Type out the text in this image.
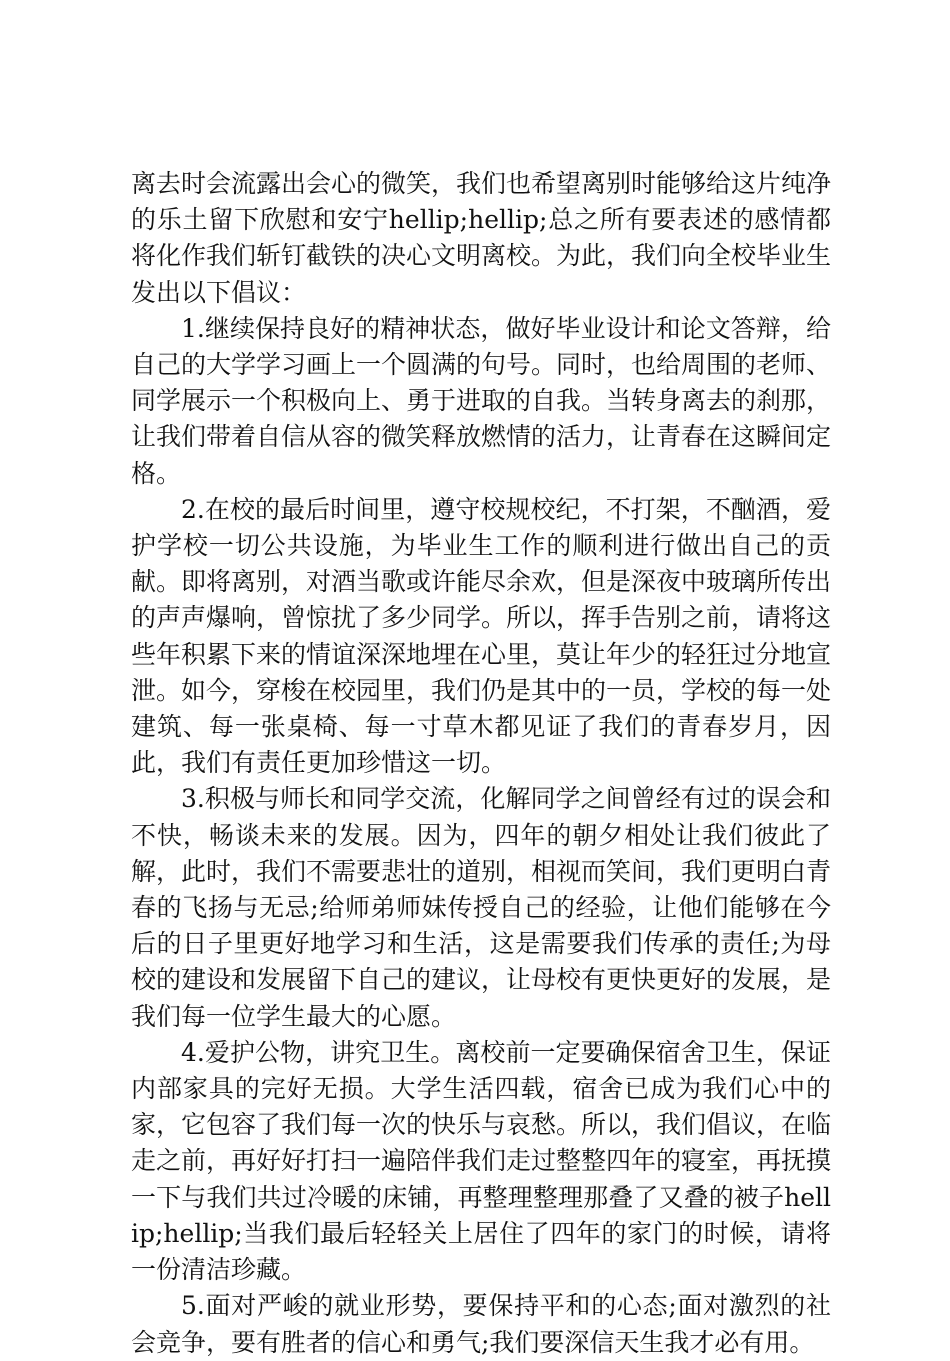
离去时会流露出会心的微笑，我们也希望离别时能够给这片纯净的乐土留下欣慰和安宁hellip;hellip;总之所有要表述的感情都将化作我们斩钉截铁的决心文明离校。为此，我们向全校毕业生发出以下倡议：

1.继续保持良好的精神状态，做好毕业设计和论文答辩，给自己的大学学习画上一个圆满的句号。同时，也给周围的老师、同学展示一个积极向上、勇于进取的自我。当转身离去的刹那，让我们带着自信从容的微笑释放燃情的活力，让青春在这瞬间定格。

2.在校的最后时间里，遵守校规校纪，不打架，不酗酒，爱护学校一切公共设施，为毕业生工作的顺利进行做出自己的贡献。即将离别，对酒当歌或许能尽余欢，但是深夜中玻璃所传出的声声爆响，曾惊扰了多少同学。所以，挥手告别之前，请将这些年积累下来的情谊深深地埋在心里，莫让年少的轻狂过分地宣泄。如今，穿梭在校园里，我们仍是其中的一员，学校的每一处建筑、每一张桌椅、每一寸草木都见证了我们的青春岁月，因此，我们有责任更加珍惜这一切。

3.积极与师长和同学交流，化解同学之间曾经有过的误会和不快，畅谈未来的发展。因为，四年的朝夕相处让我们彼此了解，此时，我们不需要悲壮的道别，相视而笑间，我们更明白青春的飞扬与无忌;给师弟师妹传授自己的经验，让他们能够在今后的日子里更好地学习和生活，这是需要我们传承的责任;为母校的建设和发展留下自己的建议，让母校有更快更好的发展，是我们每一位学生最大的心愿。

4.爱护公物，讲究卫生。离校前一定要确保宿舍卫生，保证内部家具的完好无损。大学生活四载，宿舍已成为我们心中的家，它包容了我们每一次的快乐与哀愁。所以，我们倡议，在临走之前，再好好打扫一遍陪伴我们走过整整四年的寝室，再抚摸一下与我们共过冷暖的床铺，再整理整理那叠了又叠的被子hellip;hellip;当我们最后轻轻关上居住了四年的家门的时候，请将一份清洁珍藏。

5.面对严峻的就业形势，要保持平和的心态;面对激烈的社会竞争，要有胜者的信心和勇气;我们要深信天生我才必有用。
